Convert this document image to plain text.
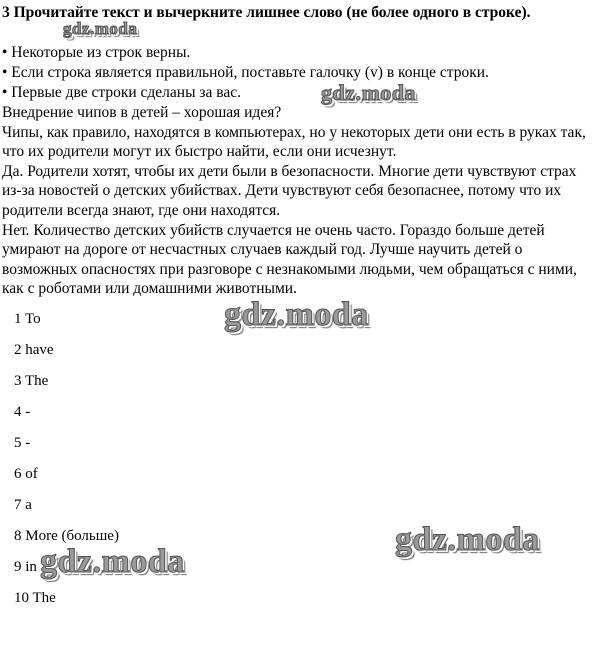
3 Прочитайте текст и вычеркните лишнее слово (не более одного в строке).

• Некоторые из строк верны.

• Если строка является правильной, поставьте галочку (v) в конце строки.

• Первые две строки сделаны за вас.

Внедрение чипов в детей – хорошая идея?

Чипы, как правило, находятся в компьютерах, но у некоторых дети они есть в руках так, что их родители могут их быстро найти, если они исчезнут.

Да. Родители хотят, чтобы их дети были в безопасности. Многие дети чувствуют страх из-за новостей о детских убийствах. Дети чувствуют себя безопаснее, потому что их родители всегда знают, где они находятся.

Нет. Количество детских убийств случается не очень часто. Гораздо больше детей умирают на дороге от несчастных случаев каждый год. Лучше научить детей о возможных опасностях при разговоре с незнакомыми людьми, чем обращаться с ними, как с роботами или домашними животными.

1 To

2 have

3 The

4 -

5 -

6 of

7 a

8 More (больше)

9 in

10 The

gdz.moda
gdz.moda
gdz.moda
gdz.moda
gdz.moda
